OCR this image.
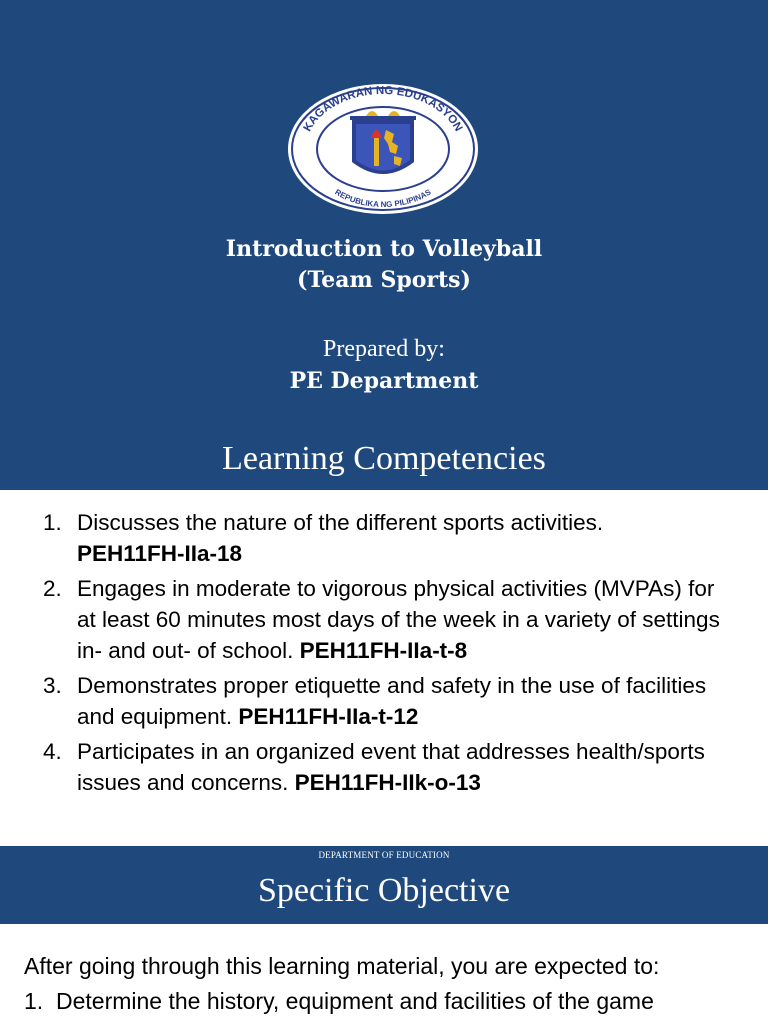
KAGAWARAN NG EDUKASYON
REPUBLIKA NG PILIPINAS
Introduction to Volleyball
(Team Sports)
Prepared by:
PE Department
Learning Competencies
1. Discusses the nature of the different sports activities.
PEH11FH-IIa-18
2. Engages in moderate to vigorous physical activities (MVPAs) for at least 60 minutes most days of the week in a variety of settings in- and out- of school. PEH11FH-IIa-t-8
3. Demonstrates proper etiquette and safety in the use of facilities and equipment. PEH11FH-IIa-t-12
4. Participates in an organized event that addresses health/sports issues and concerns. PEH11FH-IIk-o-13
DEPARTMENT OF EDUCATION
Specific Objective
After going through this learning material, you are expected to:
1. Determine the history, equipment and facilities of the game
